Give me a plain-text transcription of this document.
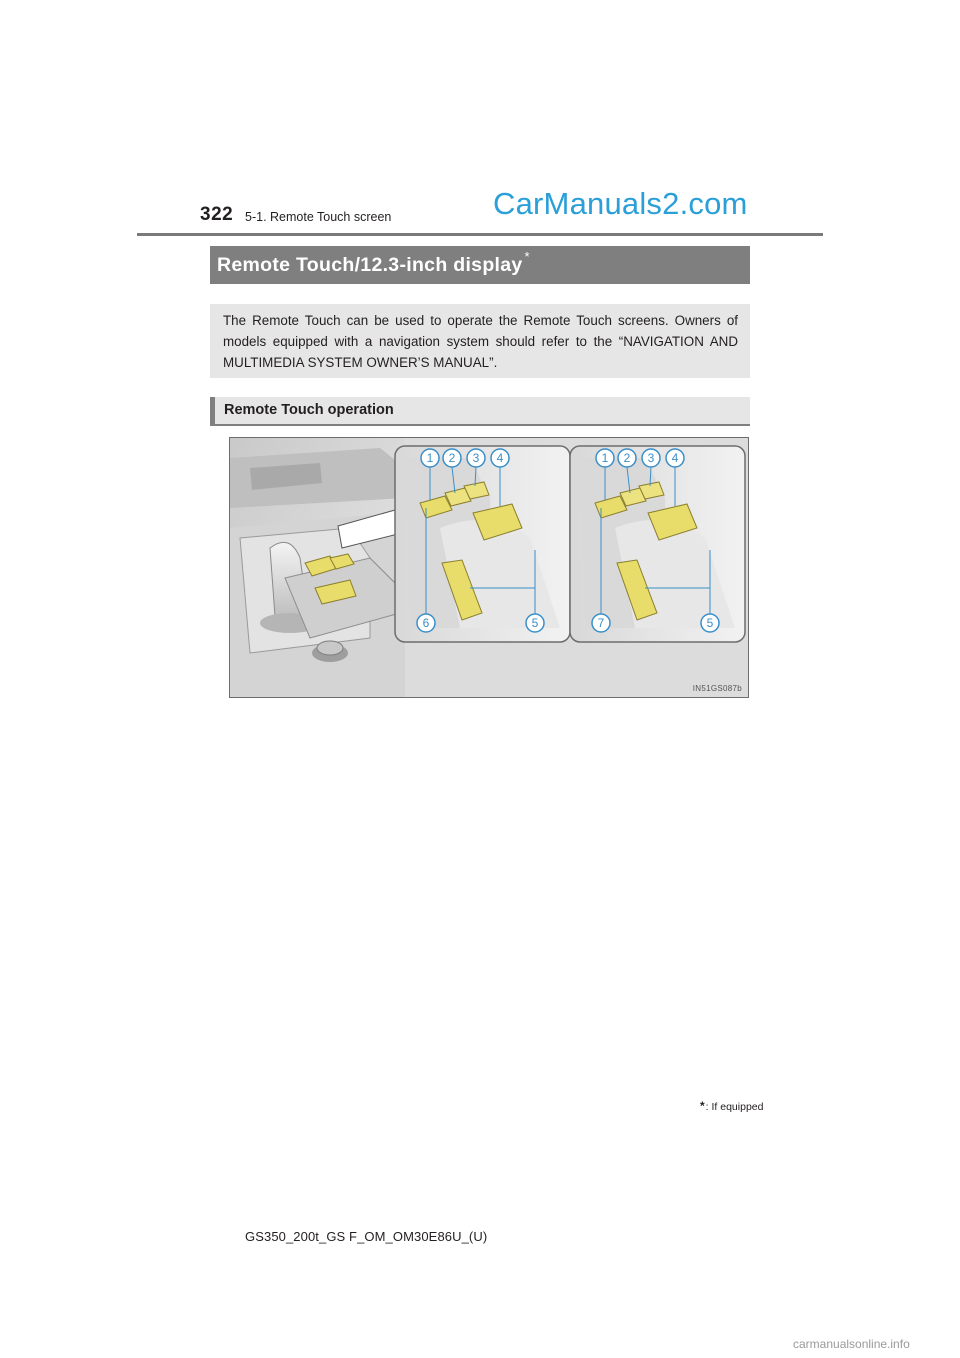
322 5-1. Remote Touch screen	CarManuals2.com
Remote Touch/12.3-inch display *
The Remote Touch can be used to operate the Remote Touch screens. Owners of models equipped with a navigation system should refer to the “NAVIGATION AND MULTIMEDIA SYSTEM OWNER’S MANUAL”.
Remote Touch operation
1 2 3 4
6	5
1 2 3 4
7	5
IN51GS087b
*: If equipped
GS350_200t_GS F_OM_OM30E86U_(U)
carmanualsonline.info
